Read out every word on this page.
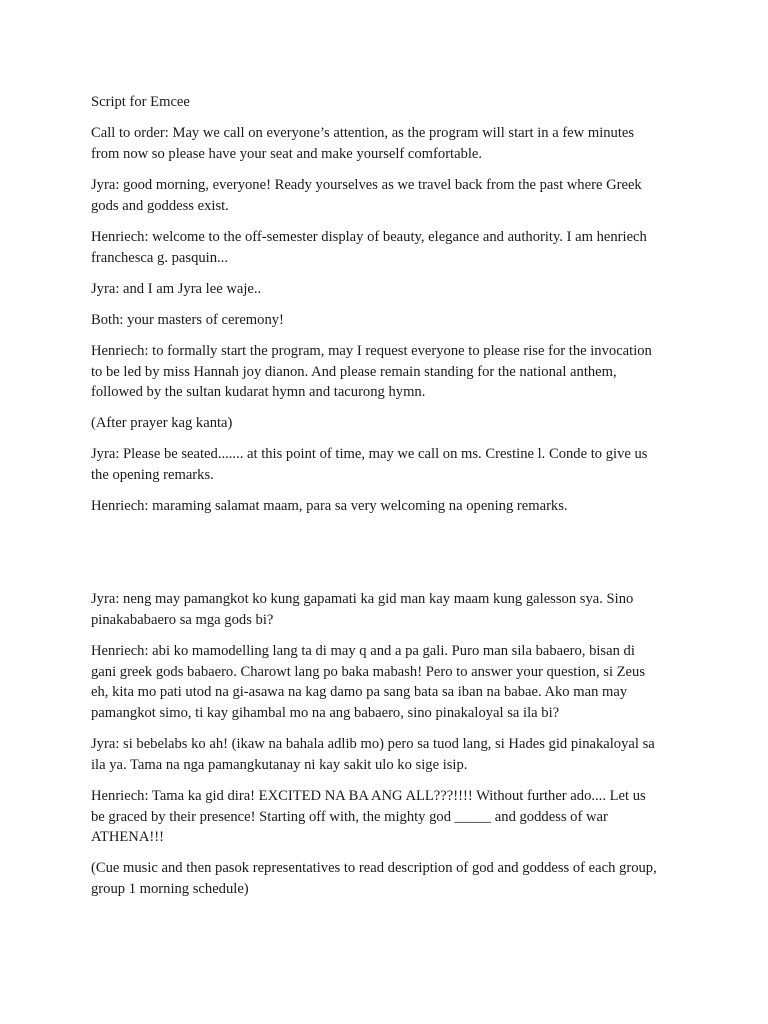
Script for Emcee

Call to order: May we call on everyone’s attention, as the program will start in a few minutes
from now so please have your seat and make yourself comfortable.

Jyra: good morning, everyone! Ready yourselves as we travel back from the past where Greek
gods and goddess exist.

Henriech: welcome to the off-semester display of beauty, elegance and authority. I am henriech
franchesca g. pasquin...

Jyra: and I am Jyra lee waje..

Both: your masters of ceremony!

Henriech: to formally start the program, may I request everyone to please rise for the invocation
to be led by miss Hannah joy dianon. And please remain standing for the national anthem,
followed by the sultan kudarat hymn and tacurong hymn.

(After prayer kag kanta)

Jyra: Please be seated....... at this point of time, may we call on ms. Crestine l. Conde to give us
the opening remarks.

Henriech: maraming salamat maam, para sa very welcoming na opening remarks.

Jyra: neng may pamangkot ko kung gapamati ka gid man kay maam kung galesson sya. Sino
pinakababaero sa mga gods bi?

Henriech: abi ko mamodelling lang ta di may q and a pa gali. Puro man sila babaero, bisan di
gani greek gods babaero. Charowt lang po baka mabash! Pero to answer your question, si Zeus
eh, kita mo pati utod na gi-asawa na kag damo pa sang bata sa iban na babae. Ako man may
pamangkot simo, ti kay gihambal mo na ang babaero, sino pinakaloyal sa ila bi?

Jyra: si bebelabs ko ah! (ikaw na bahala adlib mo) pero sa tuod lang, si Hades gid pinakaloyal sa
ila ya. Tama na nga pamangkutanay ni kay sakit ulo ko sige isip.

Henriech: Tama ka gid dira! EXCITED NA BA ANG ALL???!!!! Without further ado.... Let us
be graced by their presence! Starting off with, the mighty god _____ and goddess of war
ATHENA!!!

(Cue music and then pasok representatives to read description of god and goddess of each group,
group 1 morning schedule)
